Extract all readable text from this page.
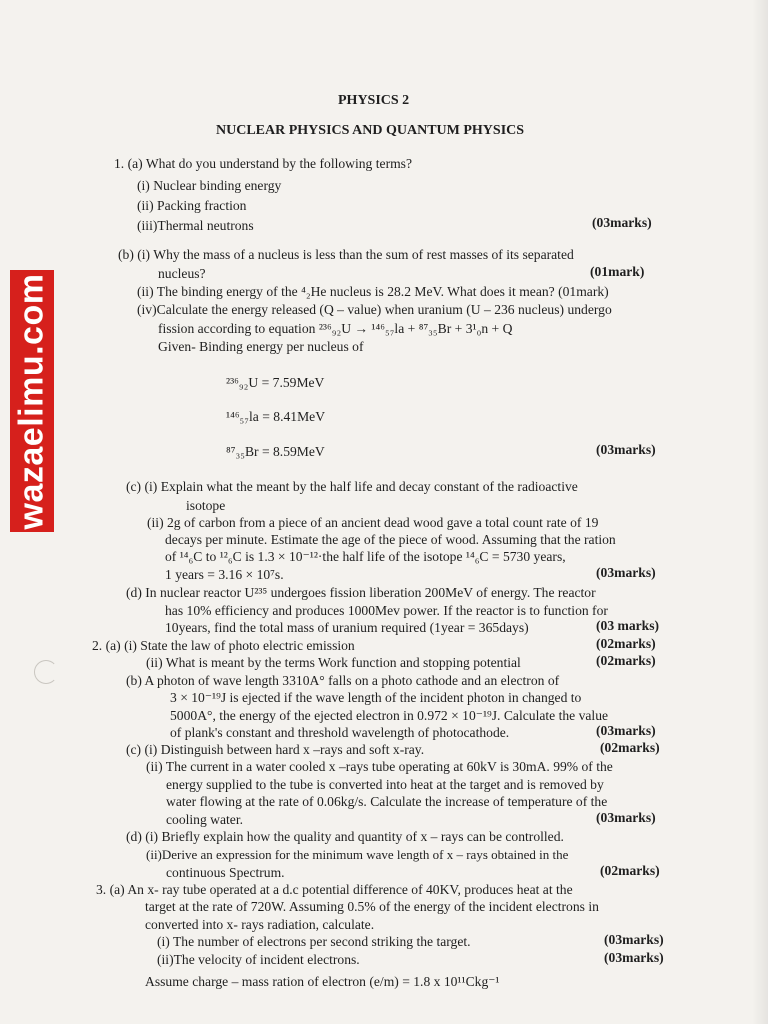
wazaelimu.com
PHYSICS 2
NUCLEAR PHYSICS AND QUANTUM PHYSICS
1. (a) What do you understand by the following terms?
(i) Nuclear binding energy
(ii) Packing fraction
(iii)Thermal neutrons	(03marks)
(b) (i) Why the mass of a nucleus is less than the sum of rest masses of its separated
nucleus?	(01mark)
(ii) The binding energy of the ⁴₂He nucleus is 28.2 MeV. What does it mean? (01mark)
(iv)Calculate the energy released (Q – value) when uranium (U – 236 nucleus) undergo
fission according to equation ²³⁶₉₂U → ¹⁴⁶₅₇la + ⁸⁷₃₅Br + 3¹₀n + Q
Given- Binding energy per nucleus of
²³⁶₉₂U = 7.59MeV
¹⁴⁶₅₇la = 8.41MeV
⁸⁷₃₅Br = 8.59MeV	(03marks)
(c) (i) Explain what the meant by the half life and decay constant of the radioactive
isotope
(ii) 2g of carbon from a piece of an ancient dead wood gave a total count rate of 19
decays per minute. Estimate the age of the piece of wood. Assuming that the ration
of ¹⁴₆C to ¹²₆C is 1.3 × 10⁻¹²·the half life of the isotope ¹⁴₆C = 5730 years,
1 years = 3.16 × 10⁷s.	(03marks)
(d) In nuclear reactor U²³⁵ undergoes fission liberation 200MeV of energy. The reactor
has 10% efficiency and produces 1000Mev power. If the reactor is to function for
10years, find the total mass of uranium required (1year = 365days)	(03 marks)
2. (a) (i) State the law of photo electric emission	(02marks)
(ii) What is meant by the terms Work function and stopping potential	(02marks)
(b) A photon of wave length 3310A° falls on a photo cathode and an electron of
3 × 10⁻¹⁹J is ejected if the wave length of the incident photon in changed to
5000A°, the energy of the ejected electron in 0.972 × 10⁻¹⁹J. Calculate the value
of plank's constant and threshold wavelength of photocathode.	(03marks)
(c) (i) Distinguish between hard x –rays and soft x-ray.	(02marks)
(ii) The current in a water cooled x –rays tube operating at 60kV is 30mA. 99% of the
energy supplied to the tube is converted into heat at the target and is removed by
water flowing at the rate of 0.06kg/s. Calculate the increase of temperature of the
cooling water.	(03marks)
(d) (i) Briefly explain how the quality and quantity of x – rays can be controlled.
(ii)Derive an expression for the minimum wave length of x – rays obtained in the
continuous Spectrum.	(02marks)
3. (a) An x- ray tube operated at a d.c potential difference of 40KV, produces heat at the
target at the rate of 720W. Assuming 0.5% of the energy of the incident electrons in
converted into x- rays radiation, calculate.
(i) The number of electrons per second striking the target.	(03marks)
(ii)The velocity of incident electrons.	(03marks)
Assume charge – mass ration of electron (e/m) = 1.8 x 10¹¹Ckg⁻¹
